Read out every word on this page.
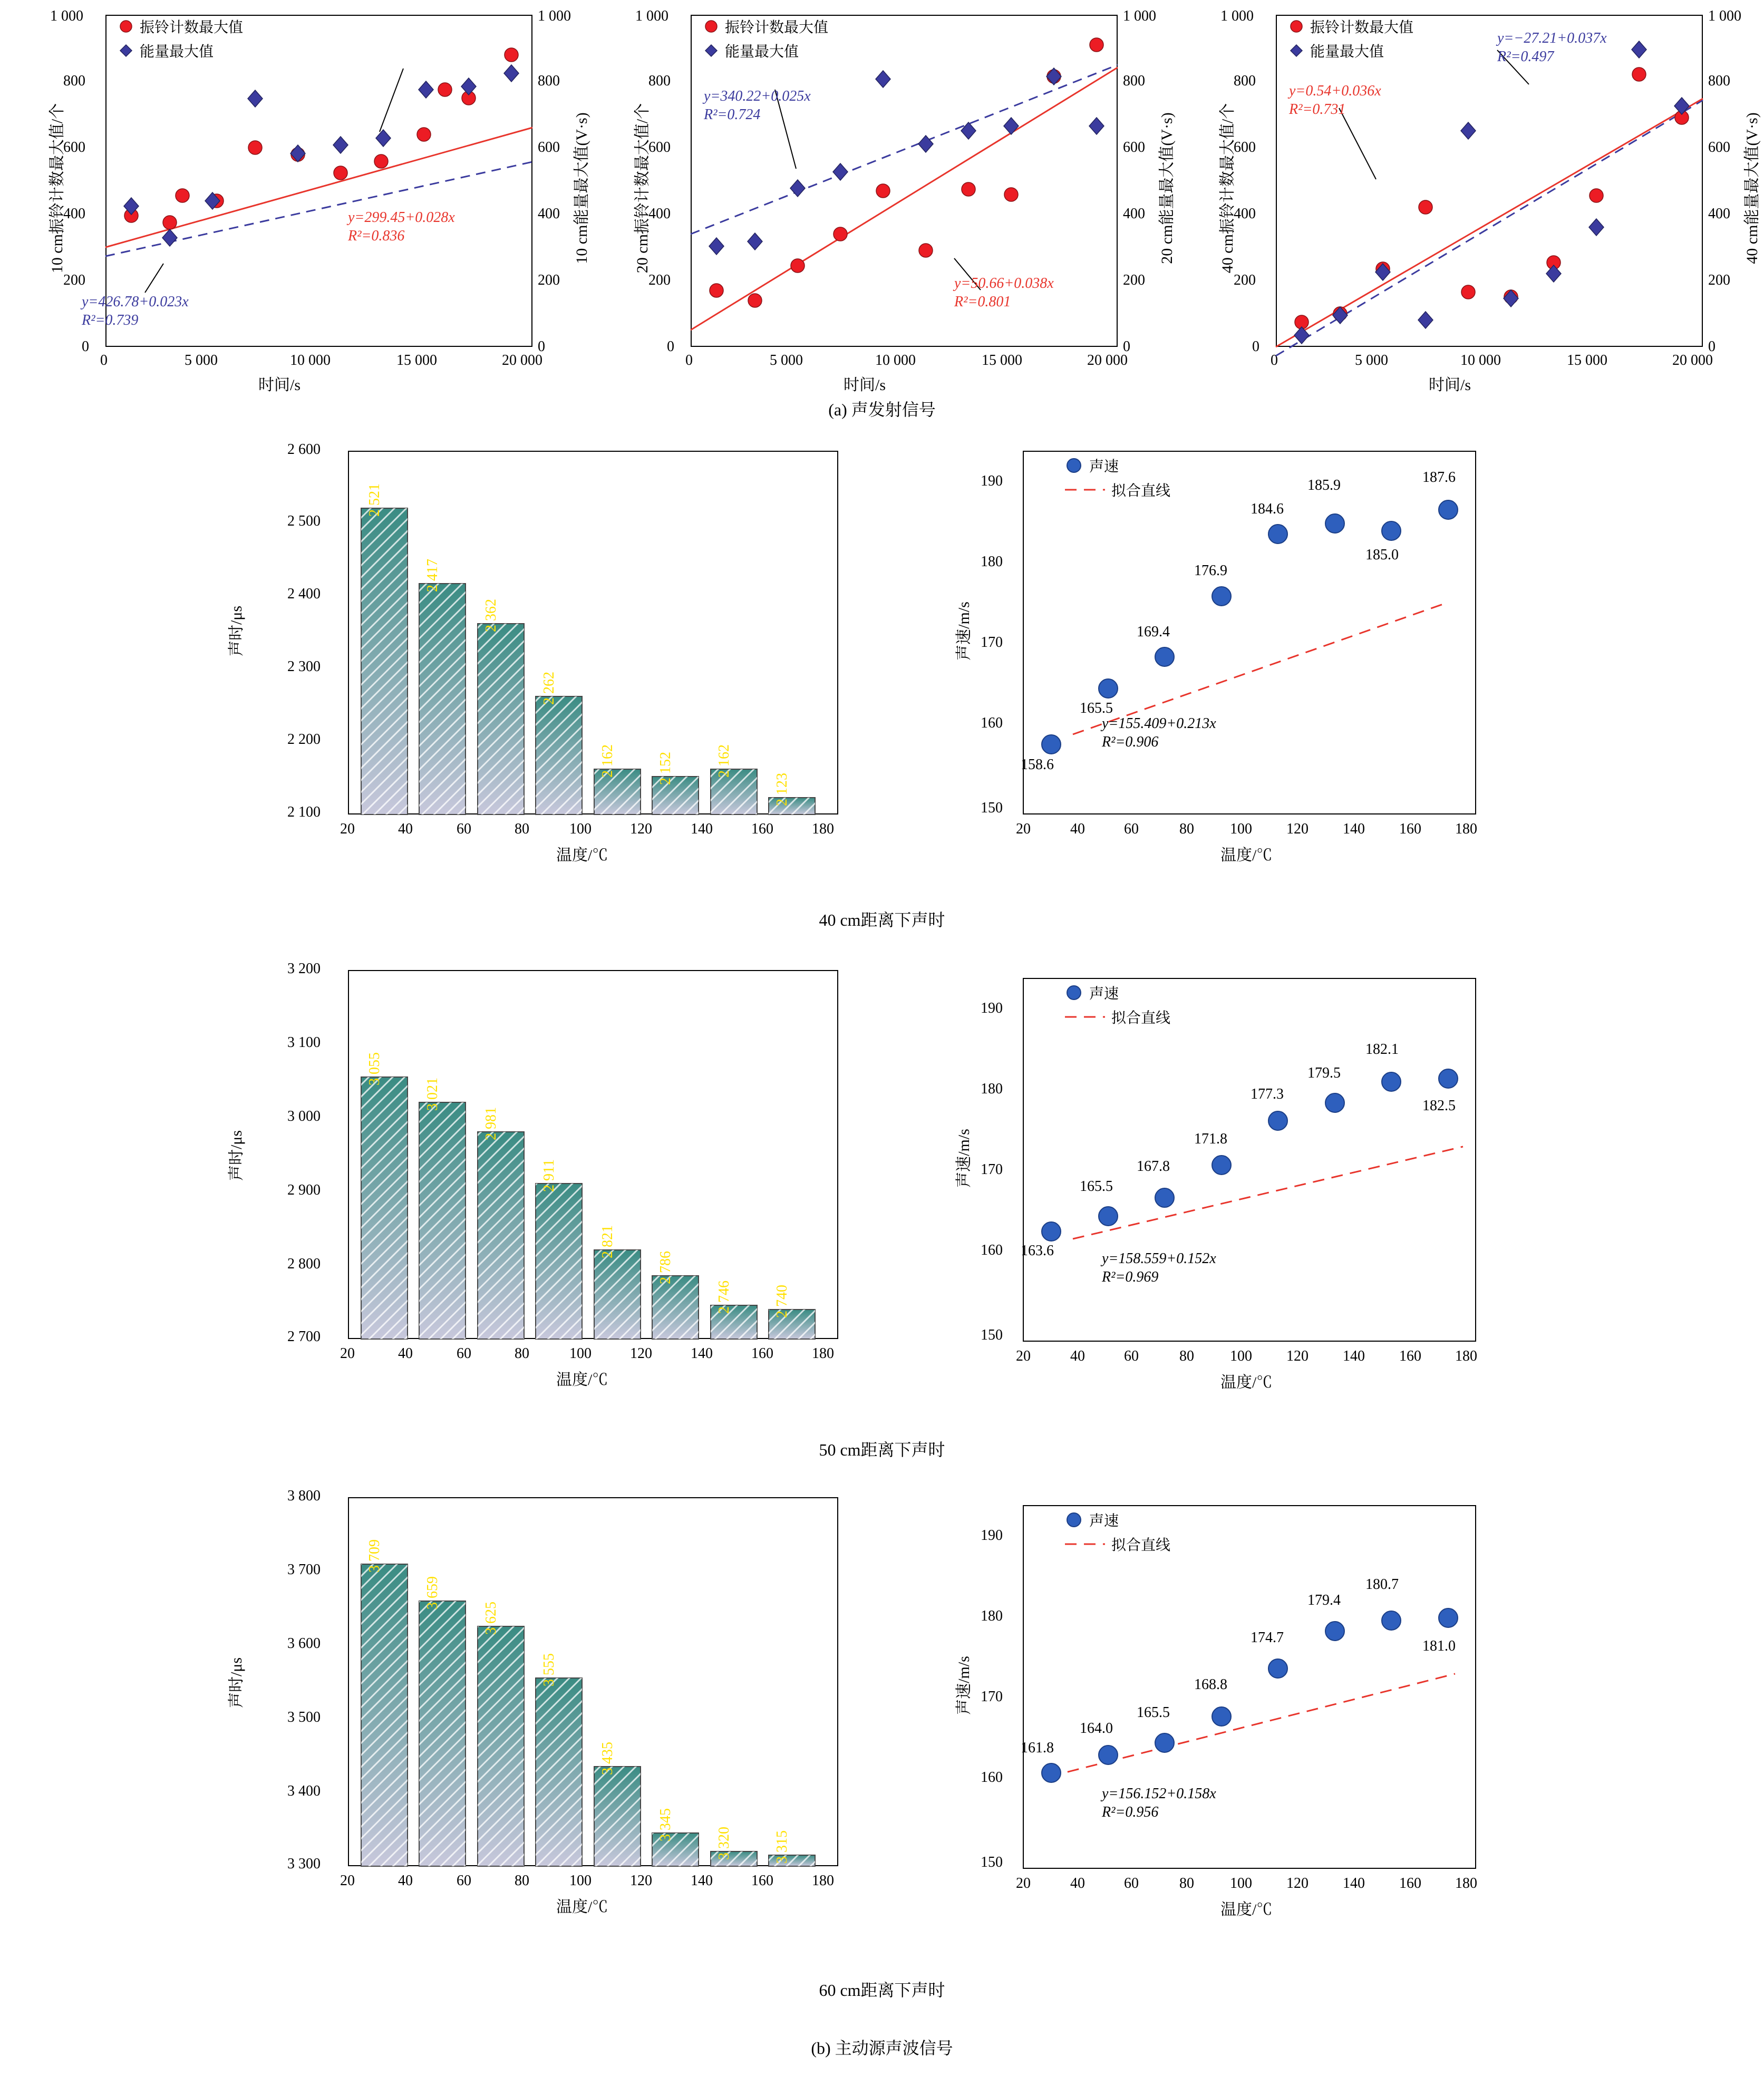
1 000
800
600
400
200
0
1 000
800
600
400
200
0
0	5 000	10 000	15 000	20 000
时间/s
10 cm振铃计数最大值/个	10 cm能量最大值(V·s)
振铃计数最大值
能量最大值
y=299.45+0.028x
R²=0.836
y=426.78+0.023x
R²=0.739
1 000
800
600
400
200
0
1 000
800
600
400
200
0
0	5 000	10 000	15 000	20 000
时间/s
20 cm振铃计数最大值/个	20 cm能量最大值(V·s)
振铃计数最大值
能量最大值
y=340.22+0.025x
R²=0.724
y=50.66+0.038x
R²=0.801
1 000
800
600
400
200
0
1 000
800
600
400
200
0
0	5 000	10 000	15 000	20 000
时间/s
40 cm振铃计数最大值/个	40 cm能量最大值(V·s)
振铃计数最大值
能量最大值
y=−27.21+0.037x
R²=0.497
y=0.54+0.036x
R²=0.731
(a) 声发射信号
2 600
2 500
2 400
2 300
2 200
2 100
20	40	60	80	100	120	140	160	180
温度/℃
声时/μs
2 521
2 417
2 362
2 262
2 162	2 152	2 162
2 123
190
180
170
160
150
20	40	60	80 100 120 140 160 180
温度/℃
声速/m/s
158.6
165.5
169.4
176.9
184.6
185.9
185.0
187.6
声速
拟合直线
y=155.409+0.213x
R²=0.906
40 cm距离下声时
3 200
3 100
3 000
2 900
2 800
2 700
20	40	60	80	100	120	140	160	180
温度/℃
声时/μs
3 055
3 021
2 981
2 911
2 821
2 786
2 746	2 740
190
180
170
160
150
20	40	60	80 100 120 140 160 180
温度/℃
声速/m/s
163.6
165.5
167.8
171.8
177.3
179.5
182.1
182.5
声速
拟合直线
y=158.559+0.152x
R²=0.969
50 cm距离下声时
3 800
3 700
3 600
3 500
3 400
3 300
20	40	60	80	100	120	140	160	180
温度/℃
声时/μs
3 709
3 659
3 625
3 555
3 435
3 345
3 320	3 315
190
180
170
160
150
20	40	60	80 100 120 140 160 180
温度/℃
声速/m/s
161.8
164.0
165.5
168.8
174.7
179.4
180.7
181.0
声速
拟合直线
y=156.152+0.158x
R²=0.956
60 cm距离下声时
(b) 主动源声波信号
